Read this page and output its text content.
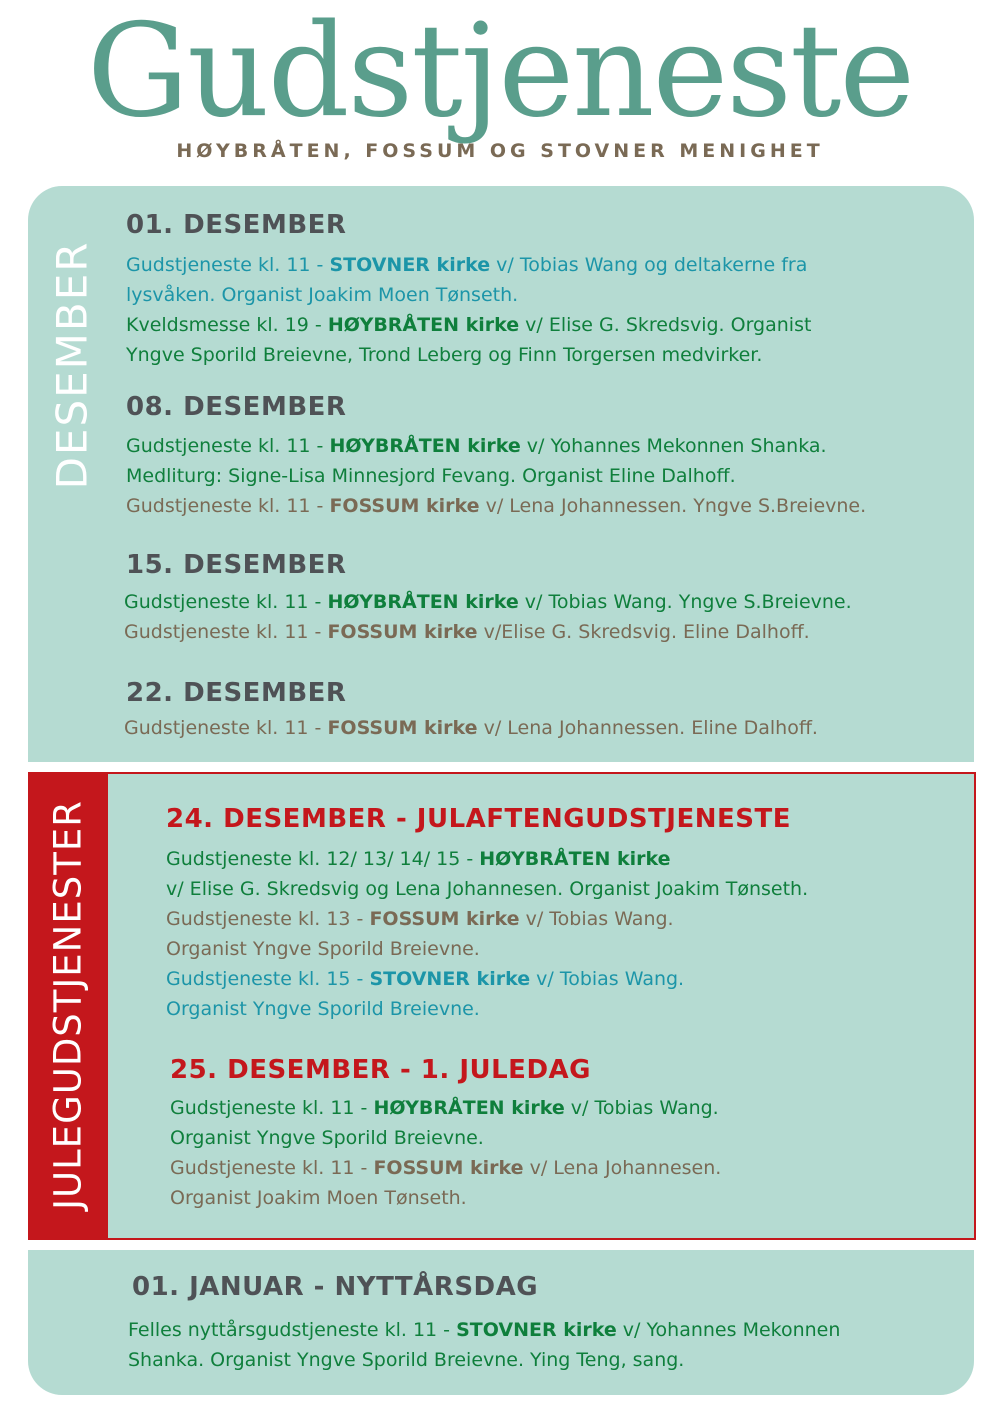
Gudstjeneste
HØYBRÅTEN, FOSSUM OG STOVNER MENIGHET
DESEMBER
JULEGUDSTJENESTER
01. DESEMBER
Gudstjeneste kl. 11 - STOVNER kirke v/ Tobias Wang og deltakerne fra
lysvåken. Organist Joakim Moen Tønseth.
Kveldsmesse kl. 19 - HØYBRÅTEN kirke v/ Elise G. Skredsvig. Organist
Yngve Sporild Breievne, Trond Leberg og Finn Torgersen medvirker.
08. DESEMBER
Gudstjeneste kl. 11 - HØYBRÅTEN kirke v/ Yohannes Mekonnen Shanka.
Medliturg: Signe-Lisa Minnesjord Fevang. Organist Eline Dalhoff.
Gudstjeneste kl. 11 - FOSSUM kirke v/ Lena Johannessen. Yngve S.Breievne.
15. DESEMBER
Gudstjeneste kl. 11 - HØYBRÅTEN kirke v/ Tobias Wang. Yngve S.Breievne.
Gudstjeneste kl. 11 - FOSSUM kirke v/Elise G. Skredsvig. Eline Dalhoff.
22. DESEMBER
Gudstjeneste kl. 11 - FOSSUM kirke v/ Lena Johannessen. Eline Dalhoff.
24. DESEMBER - JULAFTENGUDSTJENESTE
Gudstjeneste kl. 12/ 13/ 14/ 15 - HØYBRÅTEN kirke
v/ Elise G. Skredsvig og Lena Johannesen. Organist Joakim Tønseth.
Gudstjeneste kl. 13 - FOSSUM kirke v/ Tobias Wang.
Organist Yngve Sporild Breievne.
Gudstjeneste kl. 15 - STOVNER kirke v/ Tobias Wang.
Organist Yngve Sporild Breievne.
25. DESEMBER - 1. JULEDAG
Gudstjeneste kl. 11 - HØYBRÅTEN kirke v/ Tobias Wang.
Organist Yngve Sporild Breievne.
Gudstjeneste kl. 11 - FOSSUM kirke v/ Lena Johannesen.
Organist Joakim Moen Tønseth.
01. JANUAR - NYTTÅRSDAG
Felles nyttårsgudstjeneste kl. 11 - STOVNER kirke v/ Yohannes Mekonnen
Shanka. Organist Yngve Sporild Breievne. Ying Teng, sang.
